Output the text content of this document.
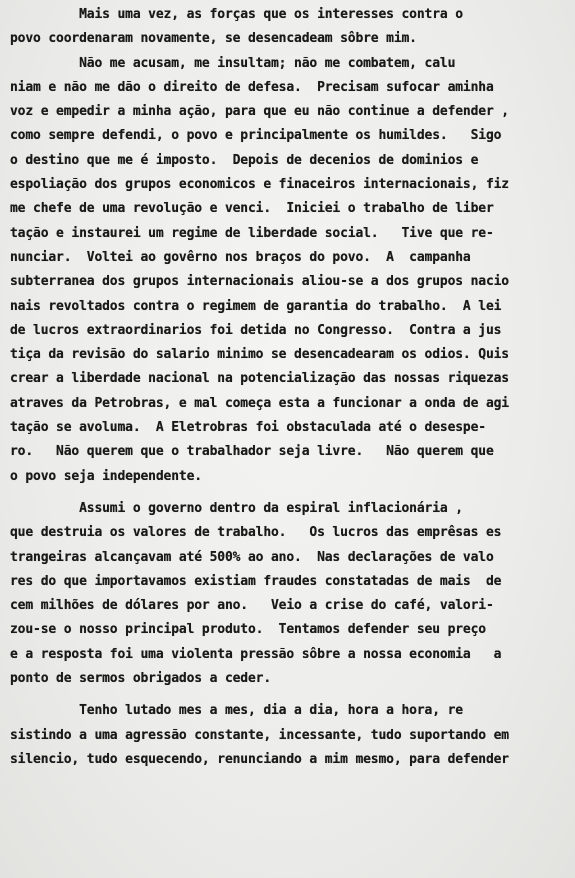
Mais uma vez, as forças que os interesses contra o
povo coordenaram novamente, se desencadeam sôbre mim.
Não me acusam, me insultam; não me combatem, calu
niam e não me dão o direito de defesa.  Precisam sufocar aminha
voz e empedir a minha ação, para que eu não continue a defender ,
como sempre defendi, o povo e principalmente os humildes.   Sigo
o destino que me é imposto.  Depois de decenios de dominios e
espoliação dos grupos economicos e finaceiros internacionais, fiz
me chefe de uma revolução e venci.  Iniciei o trabalho de liber
tação e instaurei um regime de liberdade social.   Tive que re-
nunciar.  Voltei ao govêrno nos braços do povo.  A  campanha
subterranea dos grupos internacionais aliou-se a dos grupos nacio
nais revoltados contra o regimem de garantia do trabalho.  A lei
de lucros extraordinarios foi detida no Congresso.  Contra a jus
tiça da revisão do salario minimo se desencadearam os odios. Quis
crear a liberdade nacional na potencialização das nossas riquezas
atraves da Petrobras, e mal começa esta a funcionar a onda de agi
tação se avoluma.  A Eletrobras foi obstaculada até o desespe-
ro.   Não querem que o trabalhador seja livre.   Não querem que
o povo seja independente.
Assumi o governo dentro da espiral inflacionária ,
que destruia os valores de trabalho.   Os lucros das emprêsas es
trangeiras alcançavam até 500% ao ano.  Nas declarações de valo
res do que importavamos existiam fraudes constatadas de mais  de
cem milhões de dólares por ano.   Veio a crise do café, valori-
zou-se o nosso principal produto.  Tentamos defender seu preço
e a resposta foi uma violenta pressão sôbre a nossa economia   a
ponto de sermos obrigados a ceder.
Tenho lutado mes a mes, dia a dia, hora a hora, re
sistindo a uma agressão constante, incessante, tudo suportando em
silencio, tudo esquecendo, renunciando a mim mesmo, para defender
